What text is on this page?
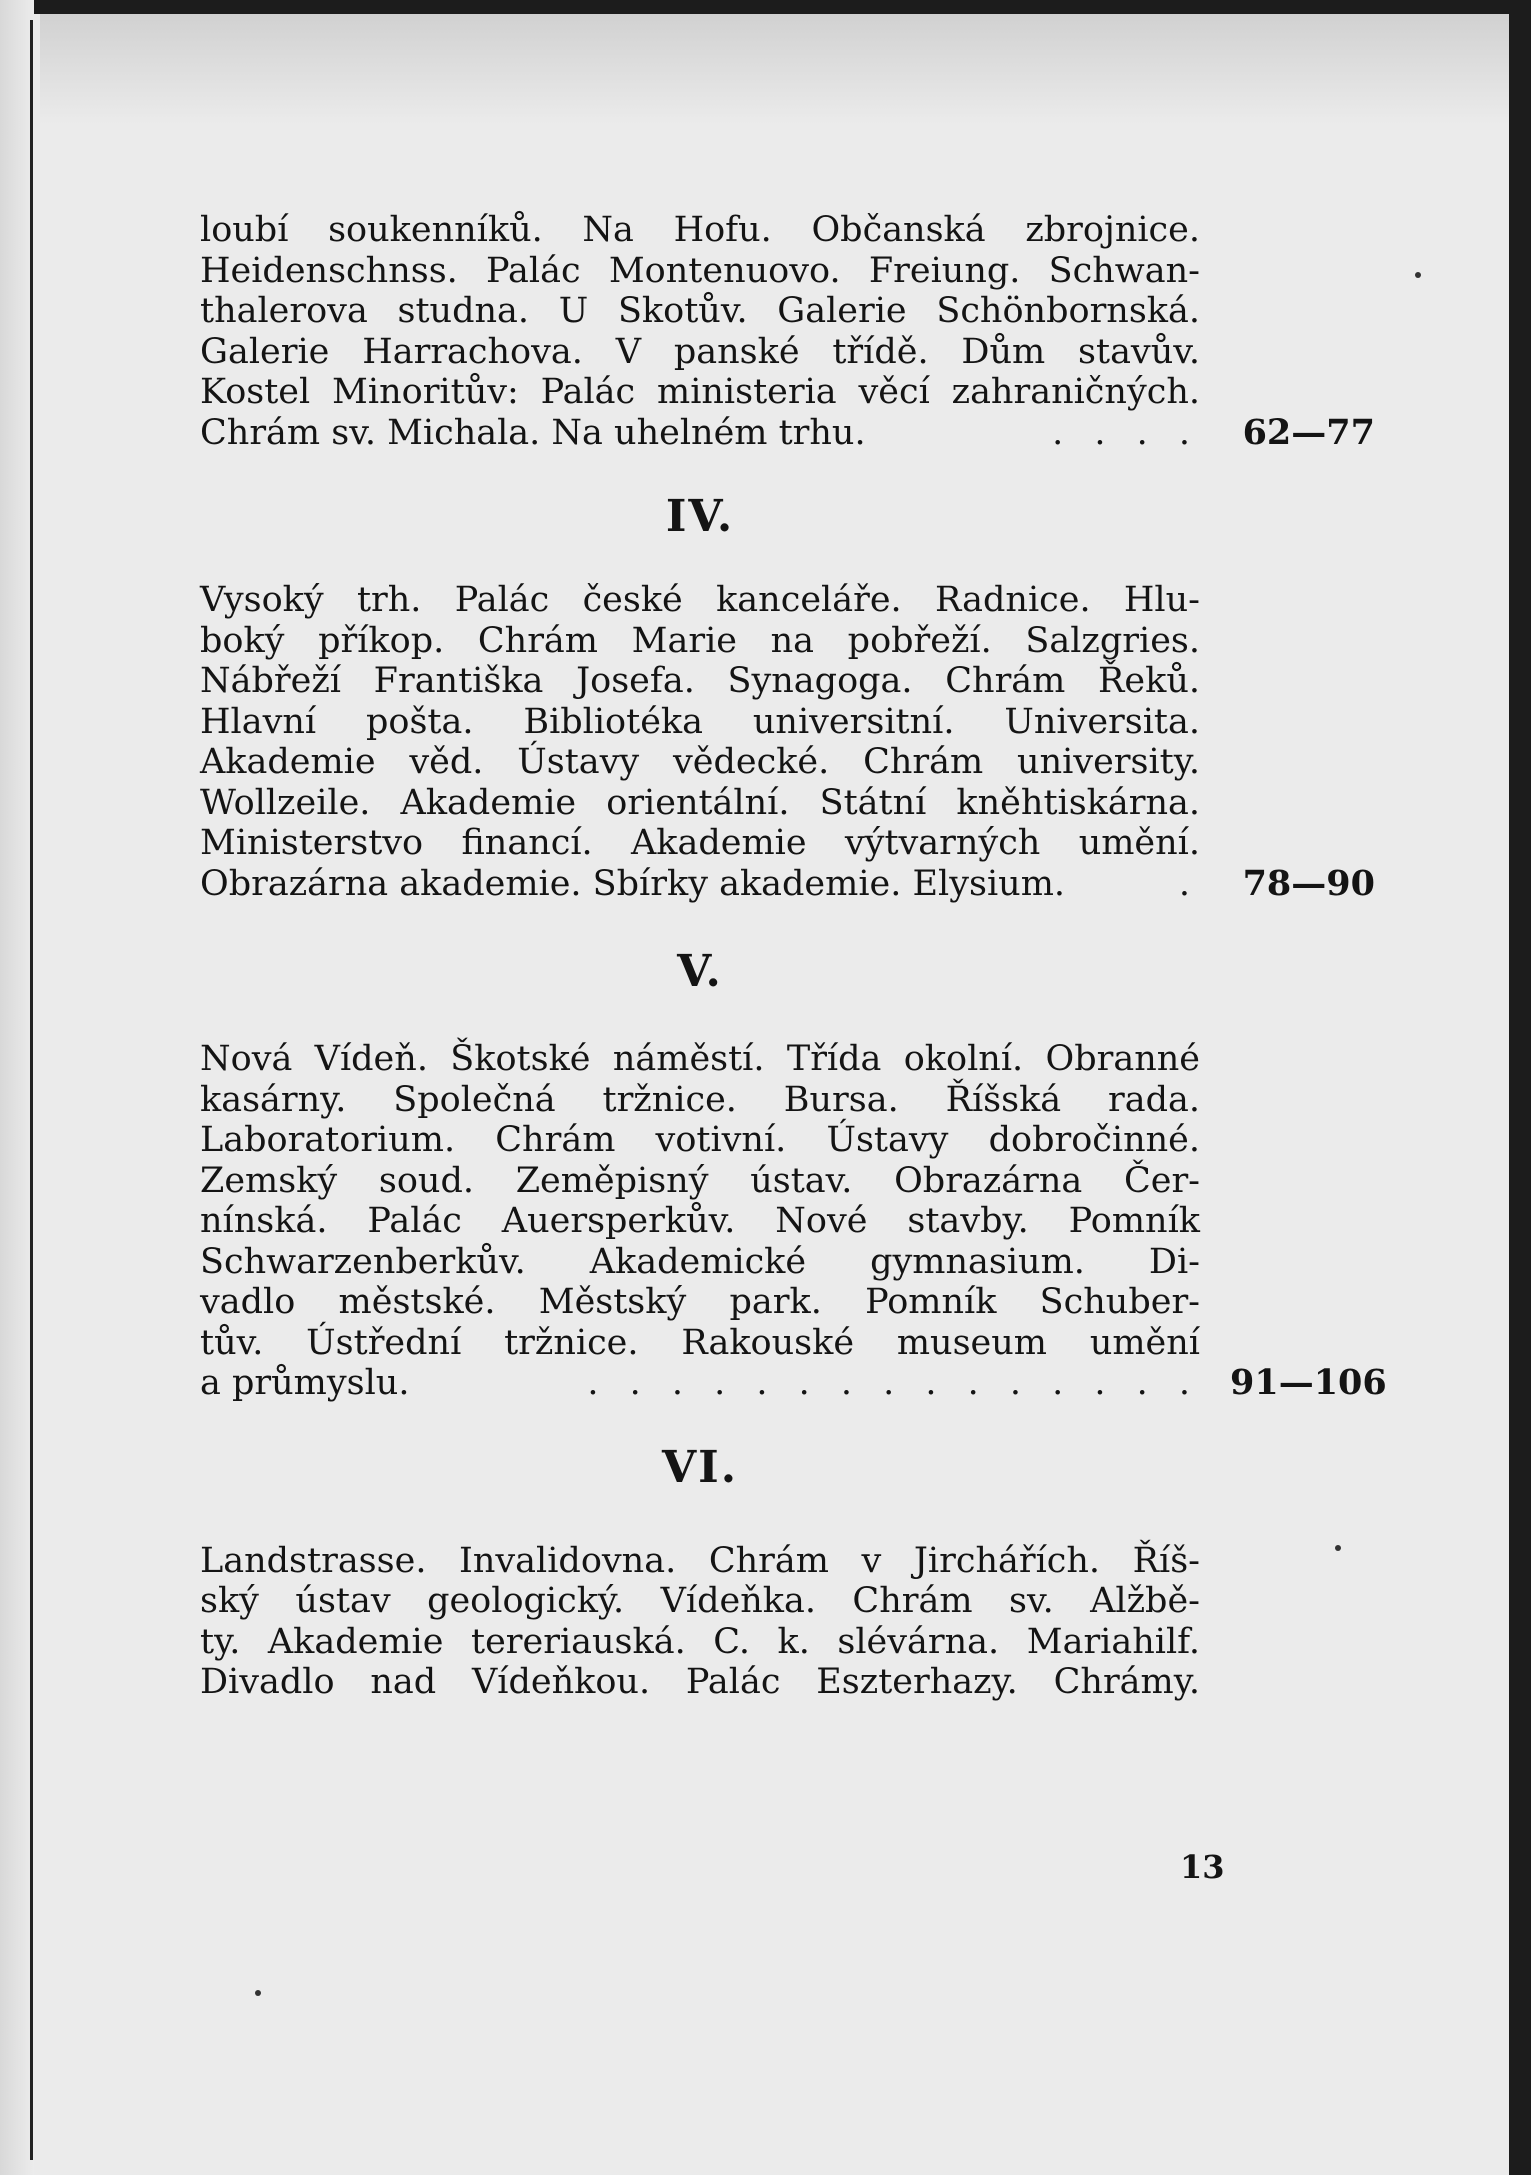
loubí soukenníků. Na Hofu. Občanská zbrojnice.
Heidenschnss. Palác Montenuovo. Freiung. Schwan-
thalerova studna. U Skotův. Galerie Schönbornská.
Galerie Harrachova. V panské třídě. Dům stavův.
Kostel Minoritův: Palác ministeria věcí zahraničných.
Chrám sv. Michala. Na uhelném trhu.	. . . .	62—77
IV.
Vysoký trh. Palác české kanceláře. Radnice. Hlu-
boký příkop. Chrám Marie na pobřeží. Salzgries.
Nábřeží Františka Josefa. Synagoga. Chrám Řeků.
Hlavní pošta. Bibliotéka universitní. Universita.
Akademie věd. Ústavy vědecké. Chrám university.
Wollzeile. Akademie orientální. Státní kněhtiskárna.
Ministerstvo financí. Akademie výtvarných umění.
Obrazárna akademie. Sbírky akademie. Elysium.	.	78—90
V.
Nová Vídeň. Škotské náměstí. Třída okolní. Obranné
kasárny. Společná tržnice. Bursa. Říšská rada.
Laboratorium. Chrám votivní. Ústavy dobročinné.
Zemský soud. Zeměpisný ústav. Obrazárna Čer-
nínská. Palác Auersperkův. Nové stavby. Pomník
Schwarzenberkův. Akademické gymnasium. Di-
vadlo městské. Městský park. Pomník Schuber-
tův. Ústřední tržnice. Rakouské museum umění
a průmyslu.	. . . . . . . . . . . . . . . 91—106
VI.
Landstrasse. Invalidovna. Chrám v Jirchářích. Říš-
ský ústav geologický. Vídeňka. Chrám sv. Alžbě-
ty. Akademie tereriauská. C. k. slévárna. Mariahilf.
Divadlo nad Vídeňkou. Palác Eszterhazy. Chrámy.
13
